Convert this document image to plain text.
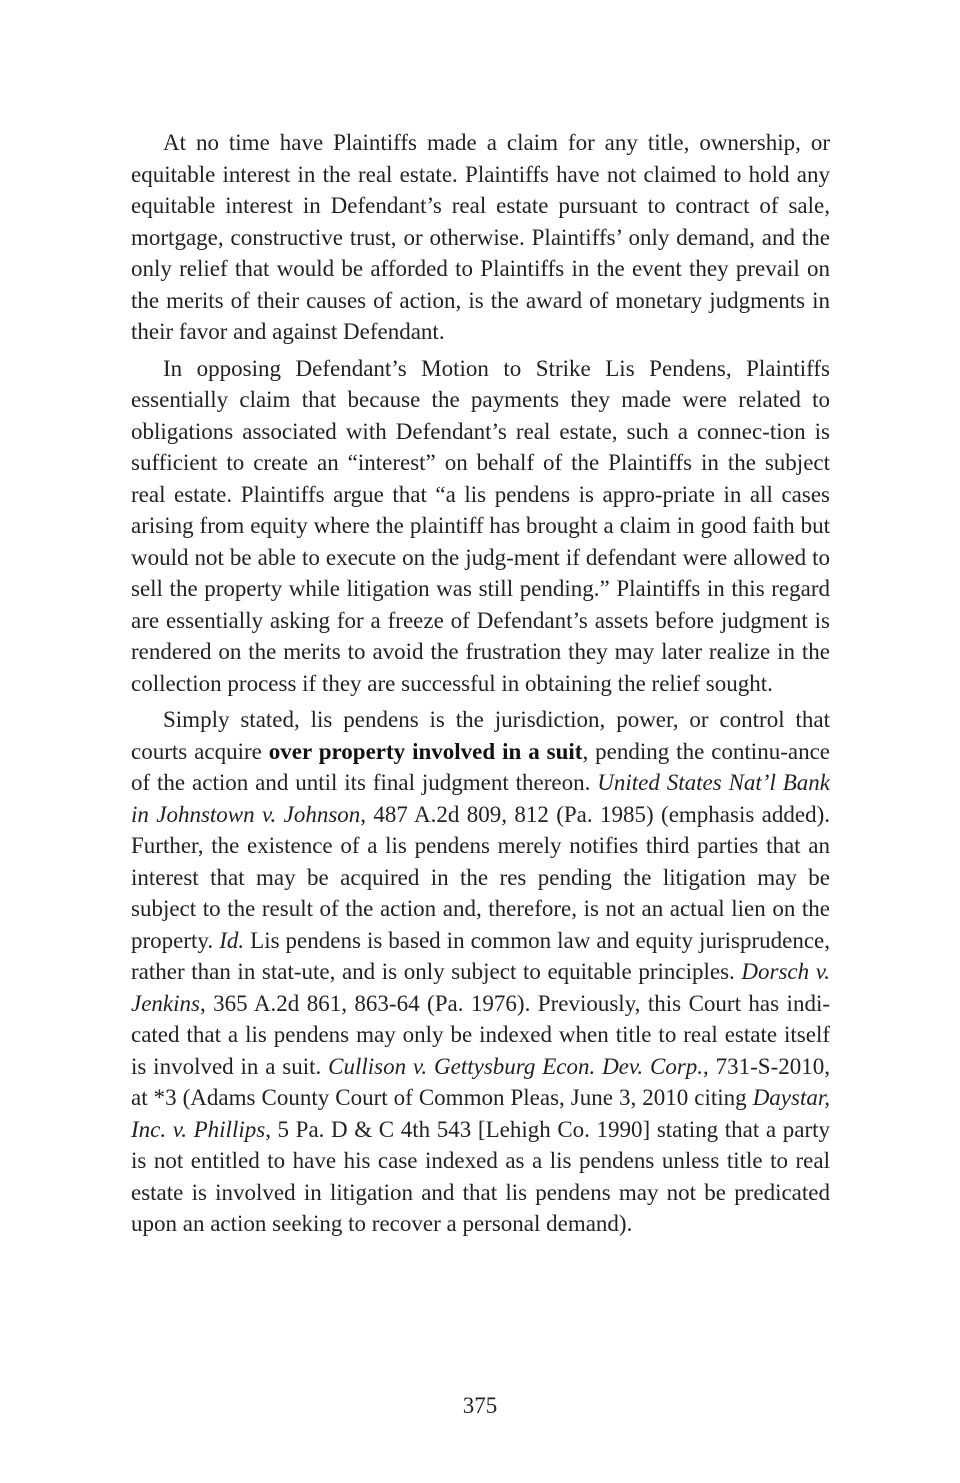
At no time have Plaintiffs made a claim for any title, ownership, or equitable interest in the real estate. Plaintiffs have not claimed to hold any equitable interest in Defendant’s real estate pursuant to contract of sale, mortgage, constructive trust, or otherwise. Plaintiffs’ only demand, and the only relief that would be afforded to Plaintiffs in the event they prevail on the merits of their causes of action, is the award of monetary judgments in their favor and against Defendant.

In opposing Defendant’s Motion to Strike Lis Pendens, Plaintiffs essentially claim that because the payments they made were related to obligations associated with Defendant’s real estate, such a connec-tion is sufficient to create an “interest” on behalf of the Plaintiffs in the subject real estate. Plaintiffs argue that “a lis pendens is appro-priate in all cases arising from equity where the plaintiff has brought a claim in good faith but would not be able to execute on the judg-ment if defendant were allowed to sell the property while litigation was still pending.” Plaintiffs in this regard are essentially asking for a freeze of Defendant’s assets before judgment is rendered on the merits to avoid the frustration they may later realize in the collection process if they are successful in obtaining the relief sought.

Simply stated, lis pendens is the jurisdiction, power, or control that courts acquire over property involved in a suit, pending the continu-ance of the action and until its final judgment thereon. United States Nat’l Bank in Johnstown v. Johnson, 487 A.2d 809, 812 (Pa. 1985) (emphasis added). Further, the existence of a lis pendens merely notifies third parties that an interest that may be acquired in the res pending the litigation may be subject to the result of the action and, therefore, is not an actual lien on the property. Id. Lis pendens is based in common law and equity jurisprudence, rather than in stat-ute, and is only subject to equitable principles. Dorsch v. Jenkins, 365 A.2d 861, 863-64 (Pa. 1976). Previously, this Court has indi-cated that a lis pendens may only be indexed when title to real estate itself is involved in a suit. Cullison v. Gettysburg Econ. Dev. Corp., 731-S-2010, at *3 (Adams County Court of Common Pleas, June 3, 2010 citing Daystar, Inc. v. Phillips, 5 Pa. D & C 4th 543 [Lehigh Co. 1990] stating that a party is not entitled to have his case indexed as a lis pendens unless title to real estate is involved in litigation and that lis pendens may not be predicated upon an action seeking to recover a personal demand).

375
